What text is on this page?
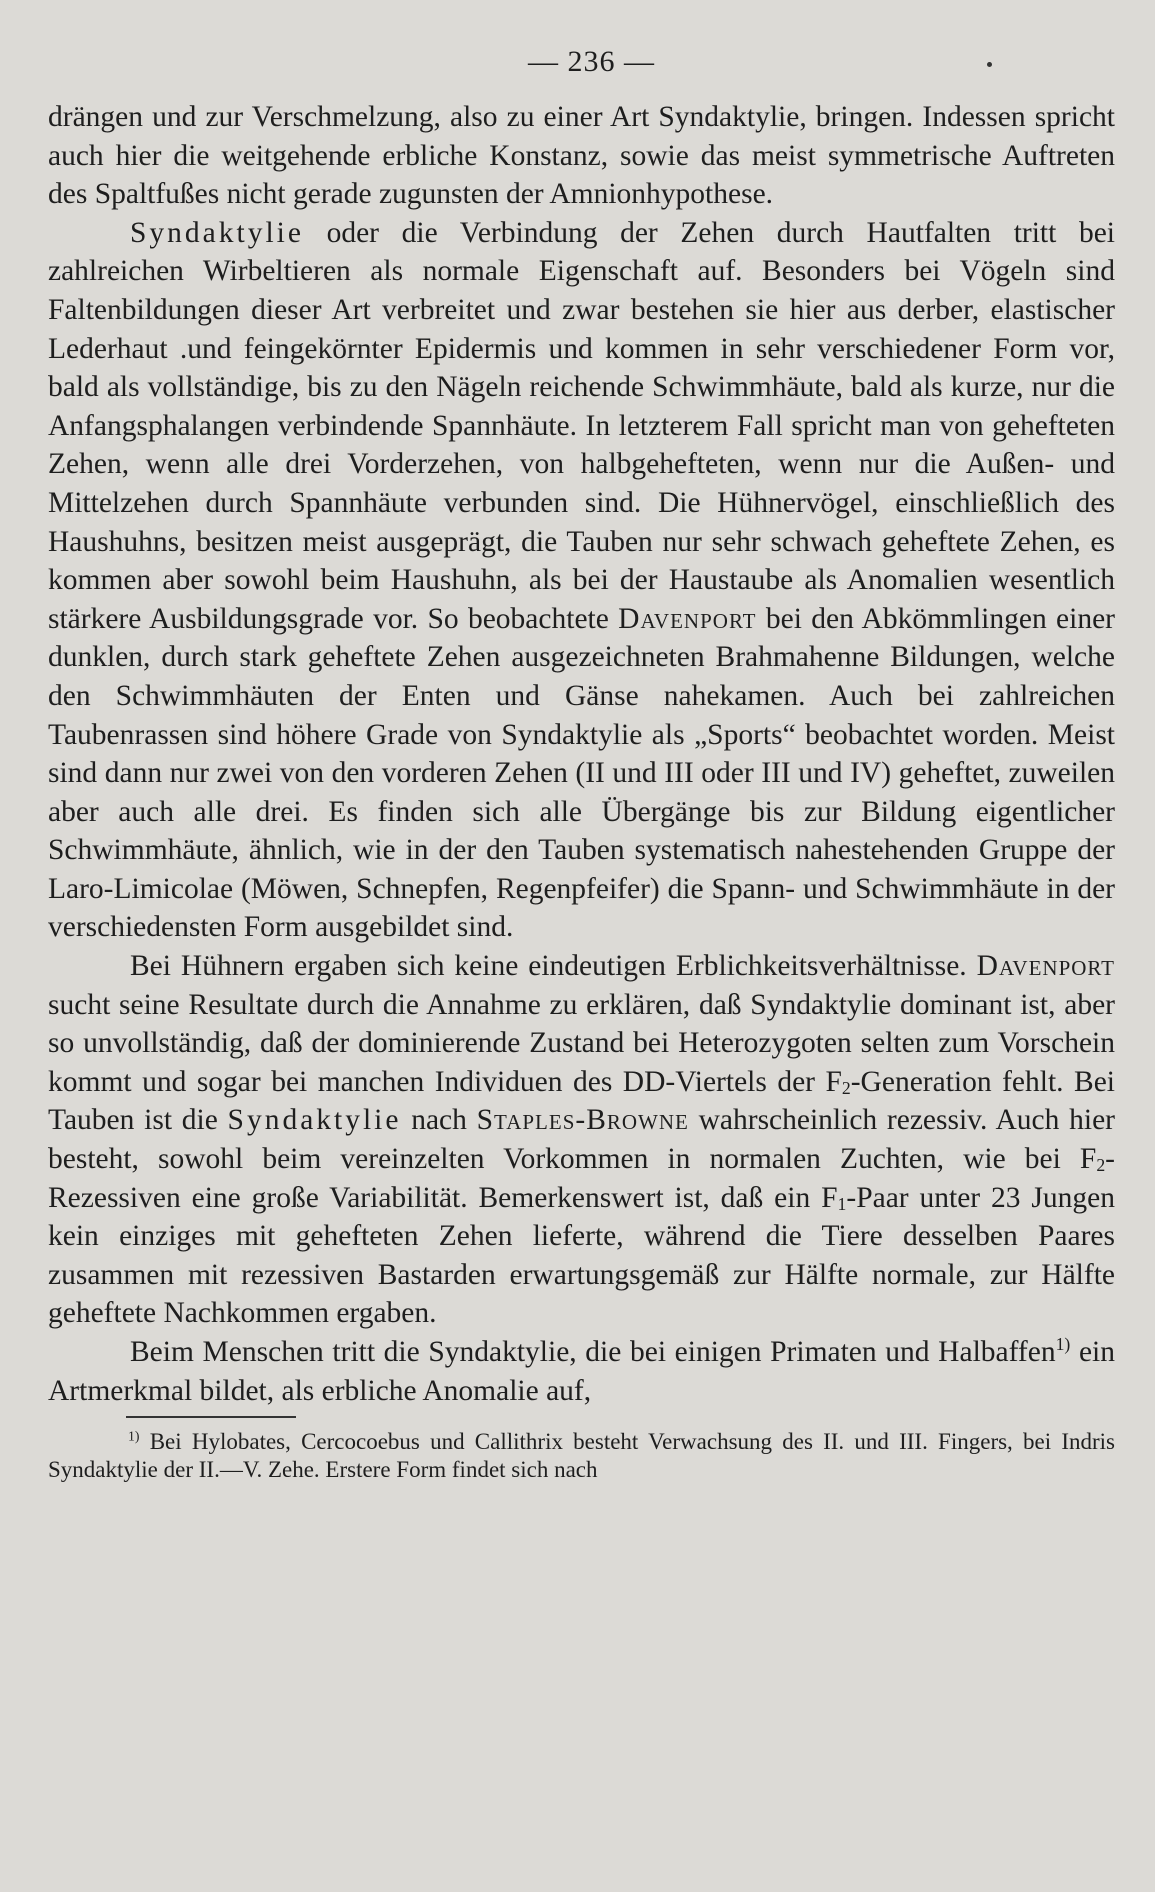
— 236 —

drängen und zur Verschmelzung, also zu einer Art Syndaktylie, bringen. Indessen spricht auch hier die weitgehende erbliche Konstanz, sowie das meist symmetrische Auftreten des Spaltfußes nicht gerade zugunsten der Amnionhypothese.

Syndaktylie oder die Verbindung der Zehen durch Hautfalten tritt bei zahlreichen Wirbeltieren als normale Eigenschaft auf. Besonders bei Vögeln sind Faltenbildungen dieser Art verbreitet und zwar bestehen sie hier aus derber, elastischer Lederhaut .und feingekörnter Epidermis und kommen in sehr verschiedener Form vor, bald als vollständige, bis zu den Nägeln reichende Schwimmhäute, bald als kurze, nur die Anfangsphalangen verbindende Spannhäute. In letzterem Fall spricht man von gehefteten Zehen, wenn alle drei Vorderzehen, von halbgehefteten, wenn nur die Außen- und Mittelzehen durch Spannhäute verbunden sind. Die Hühnervögel, einschließlich des Haushuhns, besitzen meist ausgeprägt, die Tauben nur sehr schwach geheftete Zehen, es kommen aber sowohl beim Haushuhn, als bei der Haustaube als Anomalien wesentlich stärkere Ausbildungsgrade vor. So beobachtete Davenport bei den Abkömmlingen einer dunklen, durch stark geheftete Zehen ausgezeichneten Brahmahenne Bildungen, welche den Schwimmhäuten der Enten und Gänse nahekamen. Auch bei zahlreichen Taubenrassen sind höhere Grade von Syndaktylie als „Sports“ beobachtet worden. Meist sind dann nur zwei von den vorderen Zehen (II und III oder III und IV) geheftet, zuweilen aber auch alle drei. Es finden sich alle Übergänge bis zur Bildung eigentlicher Schwimmhäute, ähnlich, wie in der den Tauben systematisch nahestehenden Gruppe der Laro-Limicolae (Möwen, Schnepfen, Regenpfeifer) die Spann- und Schwimmhäute in der verschiedensten Form ausgebildet sind.

Bei Hühnern ergaben sich keine eindeutigen Erblichkeitsverhältnisse. Davenport sucht seine Resultate durch die Annahme zu erklären, daß Syndaktylie dominant ist, aber so unvollständig, daß der dominierende Zustand bei Heterozygoten selten zum Vorschein kommt und sogar bei manchen Individuen des DD-Viertels der $F_2$-Generation fehlt. Bei Tauben ist die Syndaktylie nach Staples-Browne wahrscheinlich rezessiv. Auch hier besteht, sowohl beim vereinzelten Vorkommen in normalen Zuchten, wie bei $F_2$-Rezessiven eine große Variabilität. Bemerkenswert ist, daß ein $F_1$-Paar unter 23 Jungen kein einziges mit gehefteten Zehen lieferte, während die Tiere desselben Paares zusammen mit rezessiven Bastarden erwartungsgemäß zur Hälfte normale, zur Hälfte geheftete Nachkommen ergaben.

Beim Menschen tritt die Syndaktylie, die bei einigen Primaten und Halbaffen$^{1)}$ ein Artmerkmal bildet, als erbliche Anomalie auf,

$^{1)}$ Bei Hylobates, Cercocoebus und Callithrix besteht Verwachsung des II. und III. Fingers, bei Indris Syndaktylie der II.—V. Zehe. Erstere Form findet sich nach
